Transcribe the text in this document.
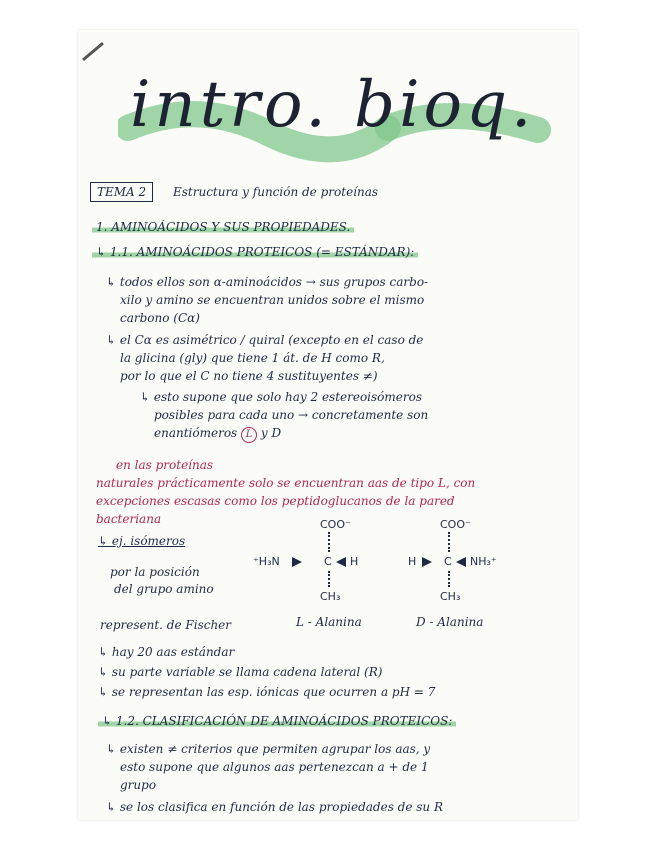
intro. bioq.
TEMA 2	Estructura y función de proteínas
1. AMINOÁCIDOS Y SUS PROPIEDADES.
↳ 1.1. AMINOÁCIDOS PROTEICOS (= ESTÁNDAR):
↳ todos ellos son α-aminoácidos → sus grupos carbo-
xilo y amino se encuentran unidos sobre el mismo
carbono (Cα)
↳ el Cα es asimétrico / quiral (excepto en el caso de
la glicina (gly) que tiene 1 át. de H como R,
por lo que el C no tiene 4 sustituyentes ≠)
↳ esto supone que solo hay 2 estereoisómeros
posibles para cada uno → concretamente son
enantiómeros L y D
en las proteínas
naturales prácticamente solo se encuentran aas de tipo L, con
excepciones escasas como los peptidoglucanos de la pared
bacteriana
↳ ej. isómeros
por la posición
del grupo amino
represent. de Fischer
COO⁻
⁺H₃N	C H
CH₃
L - Alanina
COO⁻
H	C NH₃⁺
CH₃
D - Alanina
↳ hay 20 aas estándar
↳ su parte variable se llama cadena lateral (R)
↳ se representan las esp. iónicas que ocurren a pH = 7
↳ 1.2. CLASIFICACIÓN DE AMINOÁCIDOS PROTEICOS:
↳ existen ≠ criterios que permiten agrupar los aas, y
esto supone que algunos aas pertenezcan a + de 1
grupo
↳ se los clasifica en función de las propiedades de su R
